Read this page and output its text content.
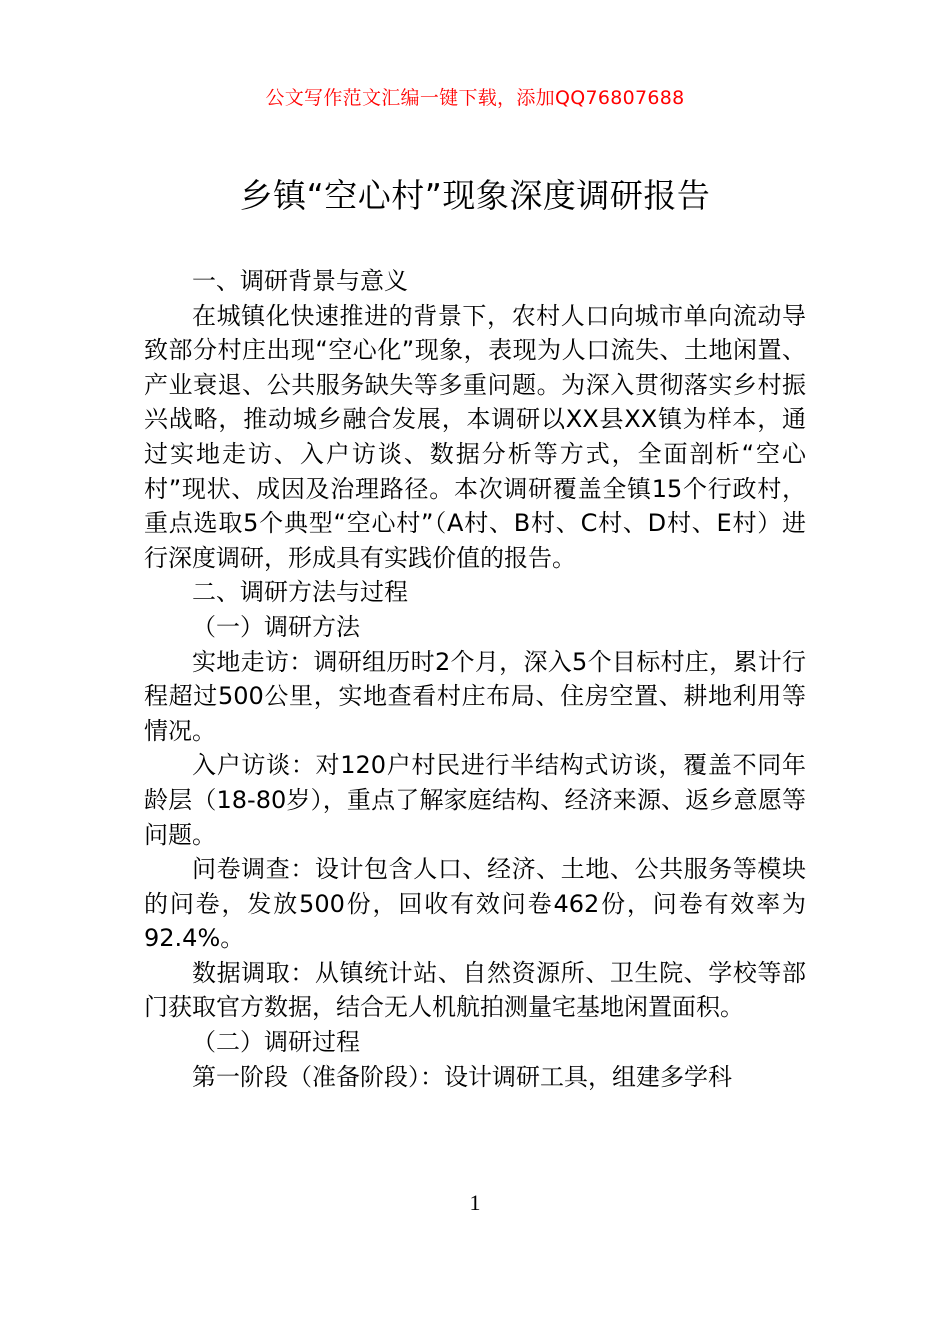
公文写作范文汇编一键下载，添加QQ76807688
乡镇“空心村”现象深度调研报告

一、调研背景与意义

在城镇化快速推进的背景下，农村人口向城市单向流动导致部分村庄出现“空心化”现象，表现为人口流失、土地闲置、产业衰退、公共服务缺失等多重问题。为深入贯彻落实乡村振兴战略，推动城乡融合发展，本调研以XX县XX镇为样本，通过实地走访、入户访谈、数据分析等方式，全面剖析“空心村”现状、成因及治理路径。本次调研覆盖全镇15个行政村，重点选取5个典型“空心村”（A村、B村、C村、D村、E村）进行深度调研，形成具有实践价值的报告。

二、调研方法与过程

（一）调研方法

实地走访：调研组历时2个月，深入5个目标村庄，累计行程超过500公里，实地查看村庄布局、住房空置、耕地利用等情况。

入户访谈：对120户村民进行半结构式访谈，覆盖不同年龄层（18-80岁），重点了解家庭结构、经济来源、返乡意愿等问题。

问卷调查：设计包含人口、经济、土地、公共服务等模块的问卷，发放500份，回收有效问卷462份，问卷有效率为92.4%。

数据调取：从镇统计站、自然资源所、卫生院、学校等部门获取官方数据，结合无人机航拍测量宅基地闲置面积。

（二）调研过程

第一阶段（准备阶段）：设计调研工具，组建多学科

1
